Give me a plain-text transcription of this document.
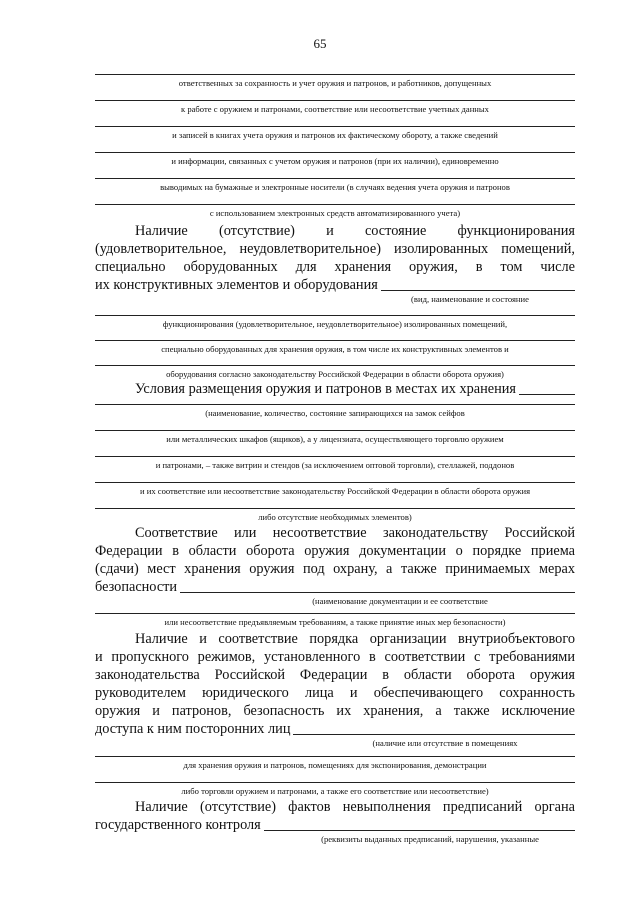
65
ответственных за сохранность и учет оружия и патронов, и работников, допущенных
к работе с оружием и патронами, соответствие или несоответствие учетных данных
и записей в книгах учета оружия и патронов их фактическому обороту, а также сведений
и информации, связанных с учетом оружия и патронов (при их наличии), единовременно
выводимых на бумажные и электронные носители (в случаях ведения учета оружия и патронов
с использованием электронных средств автоматизированного учета)
Наличие (отсутствие) и состояние функционирования
(удовлетворительное, неудовлетворительное) изолированных помещений,
специально оборудованных для хранения оружия, в том числе
их конструктивных элементов и оборудования
(вид, наименование и состояние
функционирования (удовлетворительное, неудовлетворительное) изолированных помещений,
специально оборудованных для хранения оружия, в том числе их конструктивных элементов и
оборудования согласно законодательству Российской Федерации в области оборота оружия)
Условия размещения оружия и патронов в местах их хранения
(наименование, количество, состояние запирающихся на замок сейфов
или металлических шкафов (ящиков), а у лицензиата, осуществляющего торговлю оружием
и патронами, – также витрин и стендов (за исключением оптовой торговли), стеллажей, поддонов
и их соответствие или несоответствие законодательству Российской Федерации в области оборота оружия
либо отсутствие необходимых элементов)
Соответствие или несоответствие законодательству Российской
Федерации в области оборота оружия документации о порядке приема
(сдачи) мест хранения оружия под охрану, а также принимаемых мерах
безопасности
(наименование документации и ее соответствие
или несоответствие предъявляемым требованиям, а также принятие иных мер безопасности)
Наличие и соответствие порядка организации внутриобъектового
и пропускного режимов, установленного в соответствии с требованиями
законодательства Российской Федерации в области оборота оружия
руководителем юридического лица и обеспечивающего сохранность
оружия и патронов, безопасность их хранения, а также исключение
доступа к ним посторонних лиц
(наличие или отсутствие в помещениях
для хранения оружия и патронов, помещениях для экспонирования, демонстрации
либо торговли оружием и патронами, а также его соответствие или несоответствие)
Наличие (отсутствие) фактов невыполнения предписаний органа
государственного контроля
(реквизиты выданных предписаний, нарушения, указанные
